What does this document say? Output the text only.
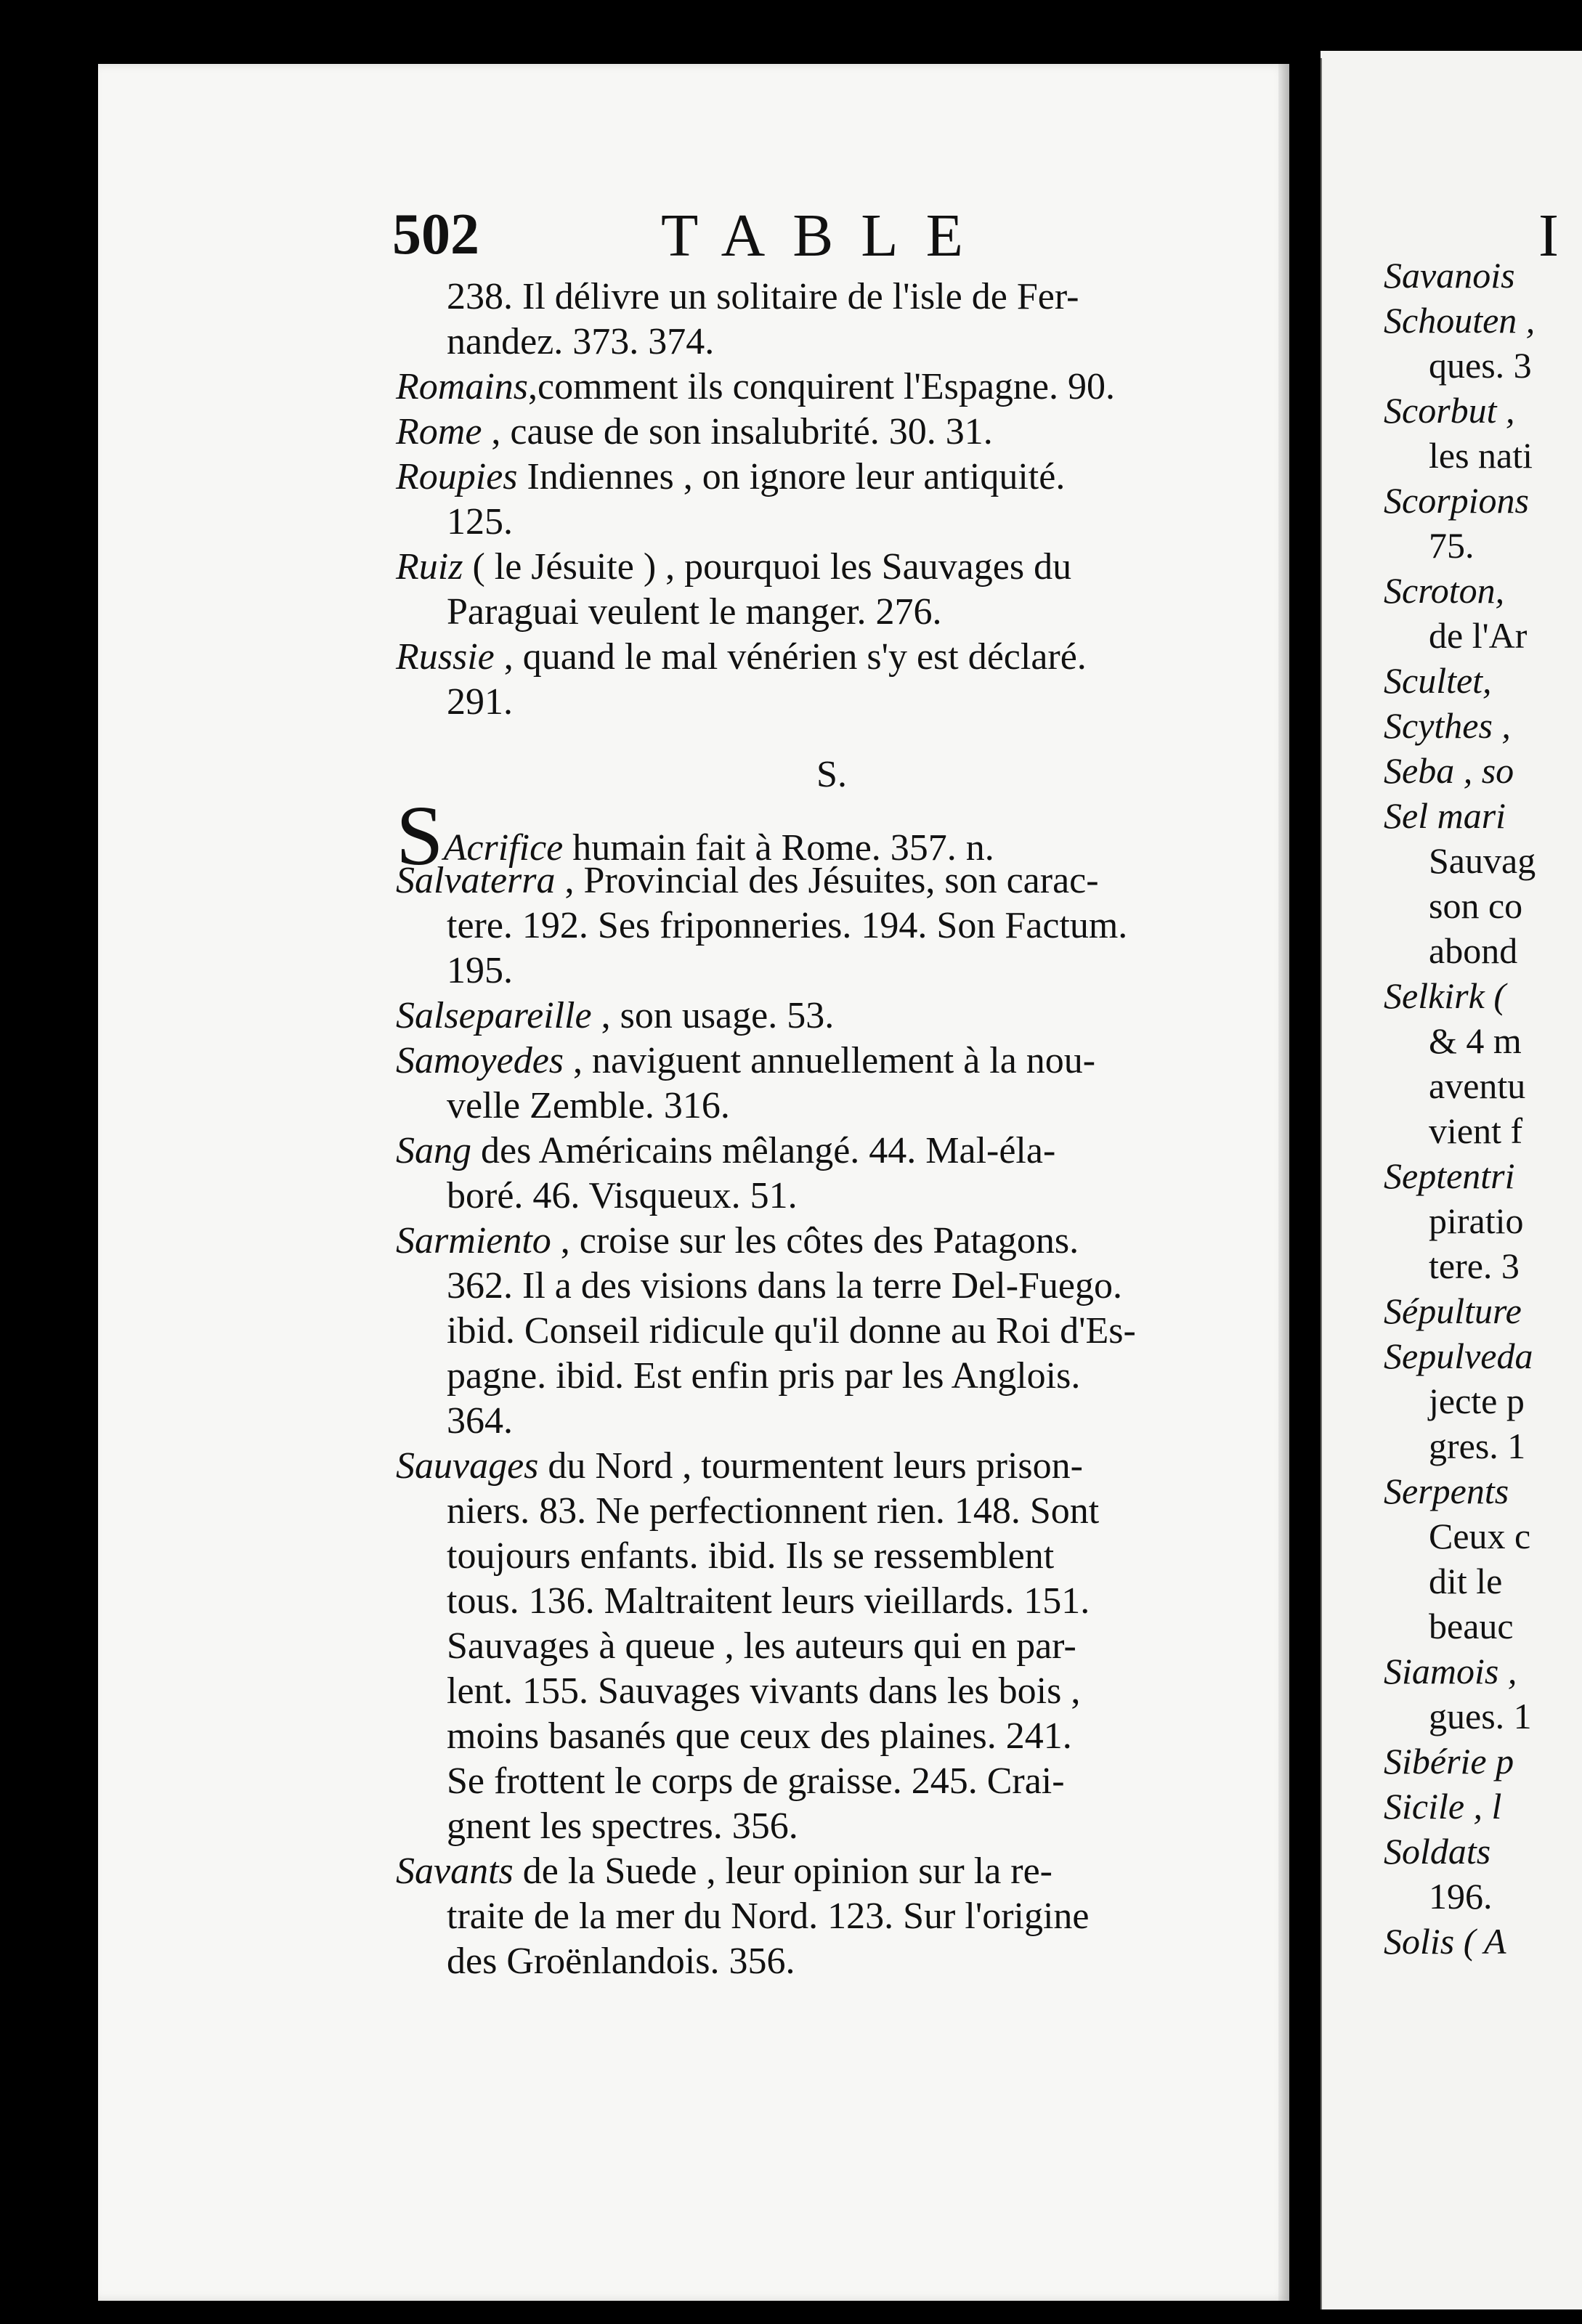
502	TABLE	I
238. Il délivre un solitaire de l'isle de Fer-
nandez. 373. 374.
Romains,comment ils conquirent l'Espagne. 90.
Rome , cause de son insalubrité. 30. 31.
Roupies Indiennes , on ignore leur antiquité.
125.
Ruiz ( le Jésuite ) , pourquoi les Sauvages du
Paraguai veulent le manger. 276.
Russie , quand le mal vénérien s'y est déclaré.
291.
S.
SAcrifice humain fait à Rome. 357. n.
Salvaterra , Provincial des Jésuites, son carac-
tere. 192. Ses friponneries. 194. Son Factum.
195.
Salsepareille , son usage. 53.
Samoyedes , naviguent annuellement à la nou-
velle Zemble. 316.
Sang des Américains mêlangé. 44. Mal-éla-
boré. 46. Visqueux. 51.
Sarmiento , croise sur les côtes des Patagons.
362. Il a des visions dans la terre Del-Fuego.
ibid. Conseil ridicule qu'il donne au Roi d'Es-
pagne. ibid. Est enfin pris par les Anglois.
364.
Sauvages du Nord , tourmentent leurs prison-
niers. 83. Ne perfectionnent rien. 148. Sont
toujours enfants. ibid. Ils se ressemblent
tous. 136. Maltraitent leurs vieillards. 151.
Sauvages à queue , les auteurs qui en par-
lent. 155. Sauvages vivants dans les bois ,
moins basanés que ceux des plaines. 241.
Se frottent le corps de graisse. 245. Crai-
gnent les spectres. 356.
Savants de la Suede , leur opinion sur la re-
traite de la mer du Nord. 123. Sur l'origine
des Groënlandois. 356.
Savanois
Schouten ,
ques. 3
Scorbut ,
les nati
Scorpions
75.
Scroton,
de l'Ar
Scultet,
Scythes ,
Seba , so
Sel mari
Sauvag
son co
abond
Selkirk (
& 4 m
aventu
vient f
Septentri
piratio
tere. 3
Sépulture
Sepulveda
jecte p
gres. 1
Serpents
Ceux c
dit le
beauc
Siamois ,
gues. 1
Sibérie p
Sicile , l
Soldats
196.
Solis ( A
